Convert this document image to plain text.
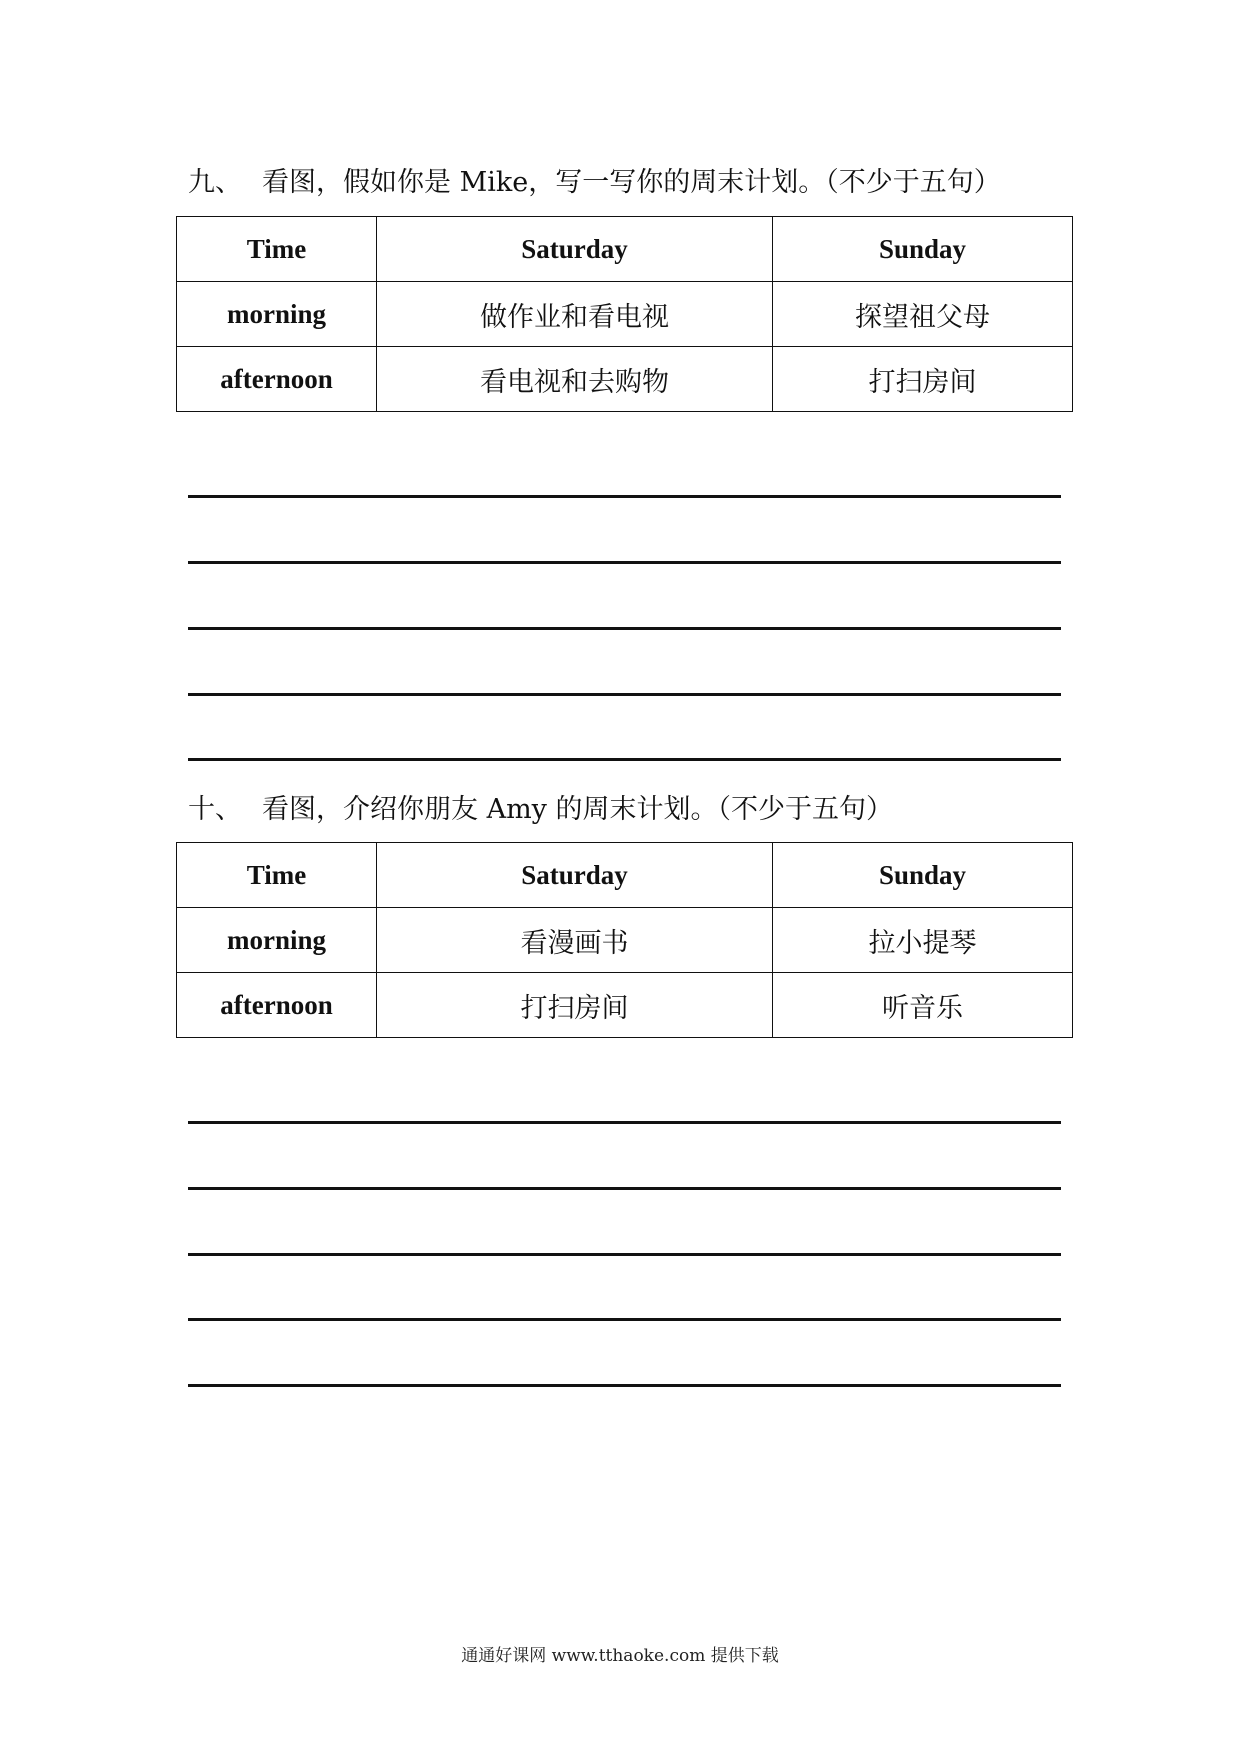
九、 看图，假如你是 Mike，写一写你的周末计划。（不少于五句）
Time	Saturday	Sunday
morning	做作业和看电视	探望祖父母
afternoon	看电视和去购物	打扫房间
十、 看图，介绍你朋友 Amy 的周末计划。（不少于五句）
Time	Saturday	Sunday
morning	看漫画书	拉小提琴
afternoon	打扫房间	听音乐
通通好课网 www.tthaoke.com 提供下载
